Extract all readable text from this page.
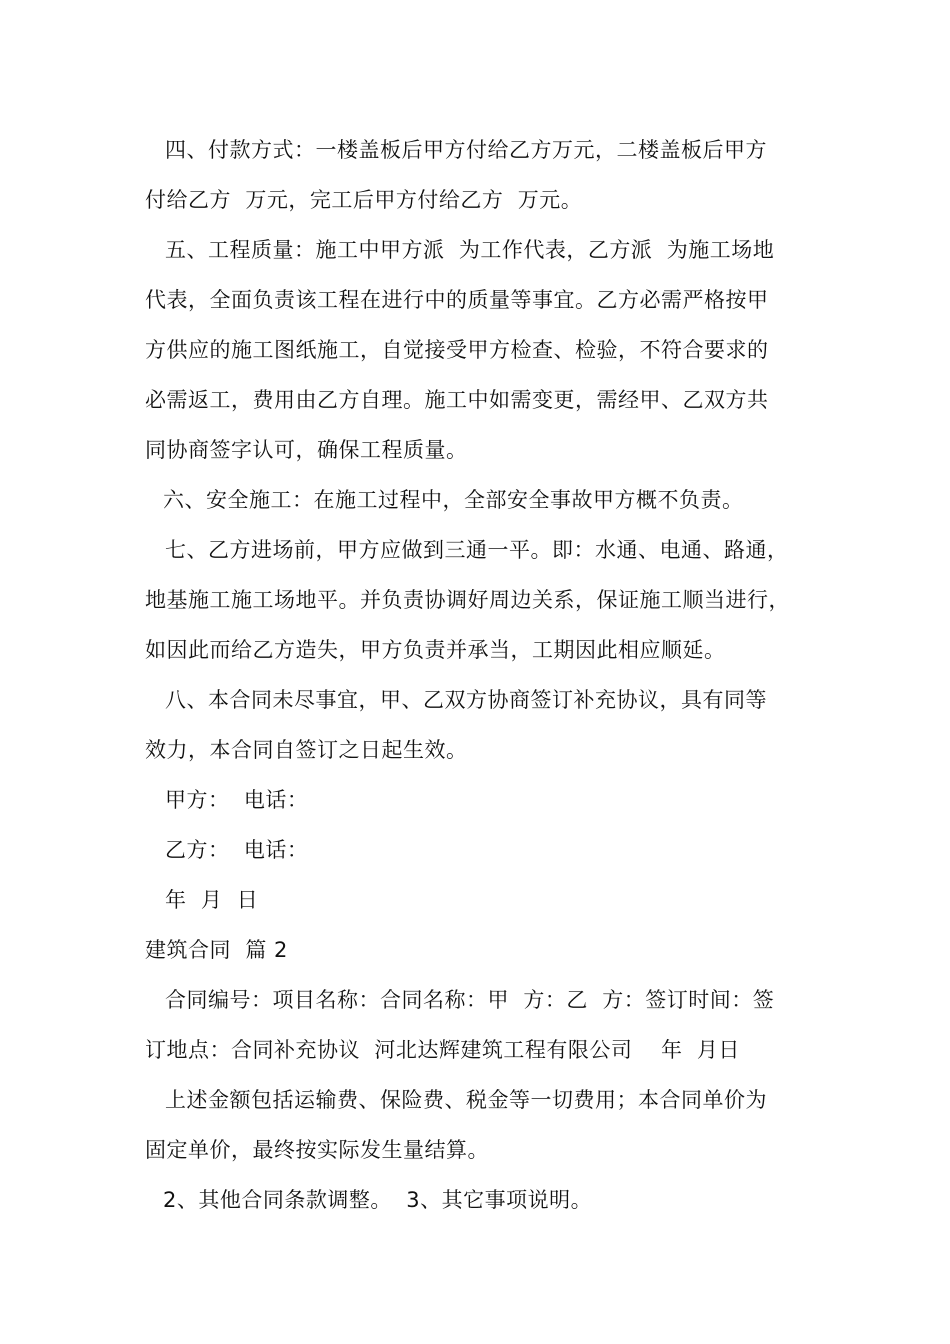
四、付款方式：一楼盖板后甲方付给乙方万元，二楼盖板后甲方
付给乙方  万元，完工后甲方付给乙方  万元。
五、工程质量：施工中甲方派  为工作代表，乙方派  为施工场地
代表，全面负责该工程在进行中的质量等事宜。乙方必需严格按甲
方供应的施工图纸施工，自觉接受甲方检查、检验，不符合要求的
必需返工，费用由乙方自理。施工中如需变更，需经甲、乙双方共
同协商签字认可，确保工程质量。
六、安全施工：在施工过程中，全部安全事故甲方概不负责。
七、乙方进场前，甲方应做到三通一平。即：水通、电通、路通，
地基施工施工场地平。并负责协调好周边关系，保证施工顺当进行，
如因此而给乙方造失，甲方负责并承当，工期因此相应顺延。
八、本合同未尽事宜，甲、乙双方协商签订补充协议，具有同等
效力，本合同自签订之日起生效。
甲方：  电话：
乙方：  电话：
年  月  日
建筑合同  篇 2
合同编号：项目名称：合同名称：甲  方：乙  方：签订时间：签
订地点：合同补充协议  河北达辉建筑工程有限公司    年  月日
上述金额包括运输费、保险费、税金等一切费用；本合同单价为
固定单价，最终按实际发生量结算。
2、其他合同条款调整。  3、其它事项说明。
